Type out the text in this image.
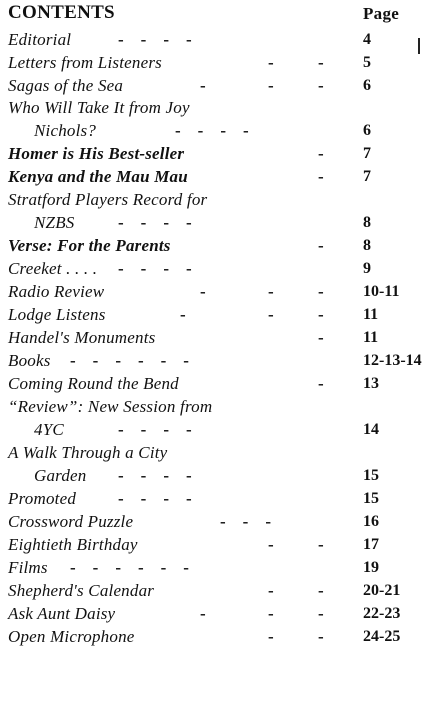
CONTENTS	Page
Editorial	-    -    -    -	4
Letters from Listeners	-	- 5
Sagas of the Sea	-	-	- 6
Who Will Take It from Joy
Nichols?	-    -    -    -	6
Homer is His Best-seller	- 7
Kenya and the Mau Mau	- 7
Stratford Players Record for
NZBS	-    -    -    -	8
Verse: For the Parents	- 8
Creeket . . . . -    -    -    -	9
Radio Review	-	-	- 10-11
Lodge Listens	-	-	- 11
Handel's Monuments	- 11
Books -    -    -    -    -    -	12-13-14
Coming Round the Bend	- 13
“Review”: New Session from
4YC	-    -    -    -	14
A Walk Through a City
Garden -    -    -    -	15
Promoted -    -    -    -	15
Crossword Puzzle	-    -    -	16
Eightieth Birthday	-	- 17
Films -    -    -    -    -    -	19
Shepherd's Calendar	-	- 20-21
Ask Aunt Daisy	-	-	- 22-23
Open Microphone	-	- 24-25
